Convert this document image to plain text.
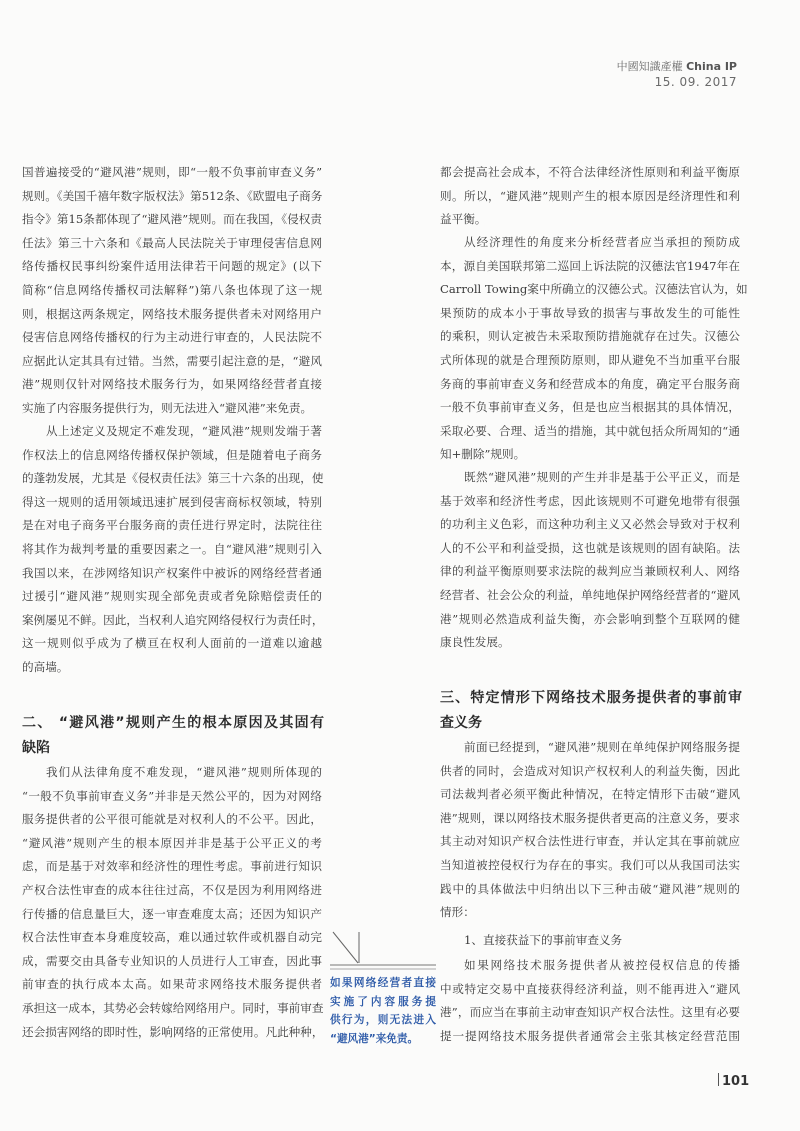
中國知識產權 China IP
15. 09. 2017
国普遍接受的“避风港”规则，即“一般不负事前审查义务”
规则。《美国千禧年数字版权法》第512条、《欧盟电子商务
指令》第15条都体现了“避风港”规则。而在我国，《侵权责
任法》第三十六条和《最高人民法院关于审理侵害信息网
络传播权民事纠纷案件适用法律若干问题的规定》(以下
简称“信息网络传播权司法解释”)第八条也体现了这一规
则，根据这两条规定，网络技术服务提供者未对网络用户
侵害信息网络传播权的行为主动进行审查的，人民法院不
应据此认定其具有过错。当然，需要引起注意的是，“避风
港”规则仅针对网络技术服务行为，如果网络经营者直接
实施了内容服务提供行为，则无法进入“避风港”来免责。
从上述定义及规定不难发现，“避风港”规则发端于著
作权法上的信息网络传播权保护领域，但是随着电子商务
的蓬勃发展，尤其是《侵权责任法》第三十六条的出现，使
得这一规则的适用领域迅速扩展到侵害商标权领域，特别
是在对电子商务平台服务商的责任进行界定时，法院往往
将其作为裁判考量的重要因素之一。自“避风港”规则引入
我国以来，在涉网络知识产权案件中被诉的网络经营者通
过援引“避风港”规则实现全部免责或者免除赔偿责任的
案例屡见不鲜。因此，当权利人追究网络侵权行为责任时，
这一规则似乎成为了横亘在权利人面前的一道难以逾越
的高墙。
二、 “避风港”规则产生的根本原因及其固有
缺陷
我们从法律角度不难发现，“避风港”规则所体现的
“一般不负事前审查义务”并非是天然公平的，因为对网络
服务提供者的公平很可能就是对权利人的不公平。因此，
“避风港”规则产生的根本原因并非是基于公平正义的考
虑，而是基于对效率和经济性的理性考虑。事前进行知识
产权合法性审查的成本往往过高，不仅是因为利用网络进
行传播的信息量巨大，逐一审查难度太高；还因为知识产
权合法性审查本身难度较高，难以通过软件或机器自动完
成，需要交由具备专业知识的人员进行人工审查，因此事
前审查的执行成本太高。如果苛求网络技术服务提供者
承担这一成本，其势必会转嫁给网络用户。同时，事前审查
还会损害网络的即时性，影响网络的正常使用。凡此种种，
都会提高社会成本，不符合法律经济性原则和利益平衡原
则。所以，“避风港”规则产生的根本原因是经济理性和利
益平衡。
从经济理性的角度来分析经营者应当承担的预防成
本，源自美国联邦第二巡回上诉法院的汉德法官1947年在
Carroll Towing案中所确立的汉德公式。汉德法官认为，如
果预防的成本小于事故导致的损害与事故发生的可能性
的乘积，则认定被告未采取预防措施就存在过失。汉德公
式所体现的就是合理预防原则，即从避免不当加重平台服
务商的事前审查义务和经营成本的角度，确定平台服务商
一般不负事前审查义务，但是也应当根据其的具体情况，
采取必要、合理、适当的措施，其中就包括众所周知的“通
知+删除”规则。
既然“避风港”规则的产生并非是基于公平正义，而是
基于效率和经济性考虑，因此该规则不可避免地带有很强
的功利主义色彩，而这种功利主义又必然会导致对于权利
人的不公平和利益受损，这也就是该规则的固有缺陷。法
律的利益平衡原则要求法院的裁判应当兼顾权利人、网络
经营者、社会公众的利益，单纯地保护网络经营者的“避风
港”规则必然造成利益失衡，亦会影响到整个互联网的健
康良性发展。
三、特定情形下网络技术服务提供者的事前审
查义务
前面已经提到，“避风港”规则在单纯保护网络服务提
供者的同时，会造成对知识产权权利人的利益失衡，因此
司法裁判者必须平衡此种情况，在特定情形下击破“避风
港”规则，课以网络技术服务提供者更高的注意义务，要求
其主动对知识产权合法性进行审查，并认定其在事前就应
当知道被控侵权行为存在的事实。我们可以从我国司法实
践中的具体做法中归纳出以下三种击破“避风港”规则的
情形：
1、直接获益下的事前审查义务
如果网络技术服务提供者从被控侵权信息的传播
中或特定交易中直接获得经济利益，则不能再进入“避风
港”，而应当在事前主动审查知识产权合法性。这里有必要
提一提网络技术服务提供者通常会主张其核定经营范围
如果网络经营者直接
实施了内容服务提
供行为，则无法进入
“避风港”来免责。
101
